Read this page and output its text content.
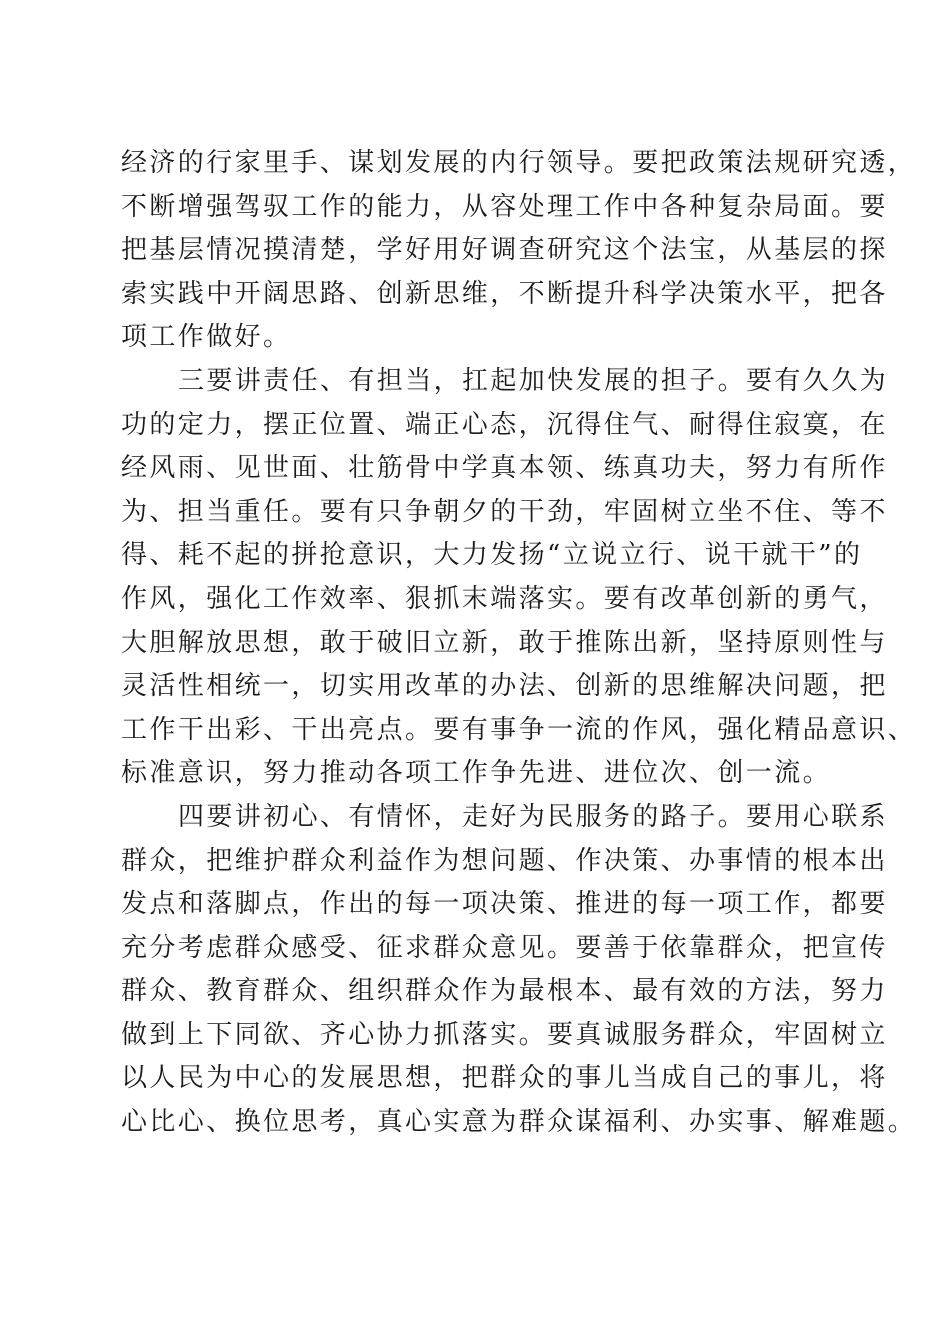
经济的行家里手、谋划发展的内行领导。要把政策法规研究透，
不断增强驾驭工作的能力，从容处理工作中各种复杂局面。要
把基层情况摸清楚，学好用好调查研究这个法宝，从基层的探
索实践中开阔思路、创新思维，不断提升科学决策水平，把各
项工作做好。
三要讲责任、有担当，扛起加快发展的担子。要有久久为
功的定力，摆正位置、端正心态，沉得住气、耐得住寂寞，在
经风雨、见世面、壮筋骨中学真本领、练真功夫，努力有所作
为、担当重任。要有只争朝夕的干劲，牢固树立坐不住、等不
得、耗不起的拼抢意识，大力发扬“立说立行、说干就干”的
作风，强化工作效率、狠抓末端落实。要有改革创新的勇气，
大胆解放思想，敢于破旧立新，敢于推陈出新，坚持原则性与
灵活性相统一，切实用改革的办法、创新的思维解决问题，把
工作干出彩、干出亮点。要有事争一流的作风，强化精品意识、
标准意识，努力推动各项工作争先进、进位次、创一流。
四要讲初心、有情怀，走好为民服务的路子。要用心联系
群众，把维护群众利益作为想问题、作决策、办事情的根本出
发点和落脚点，作出的每一项决策、推进的每一项工作，都要
充分考虑群众感受、征求群众意见。要善于依靠群众，把宣传
群众、教育群众、组织群众作为最根本、最有效的方法，努力
做到上下同欲、齐心协力抓落实。要真诚服务群众，牢固树立
以人民为中心的发展思想，把群众的事儿当成自己的事儿，将
心比心、换位思考，真心实意为群众谋福利、办实事、解难题。
